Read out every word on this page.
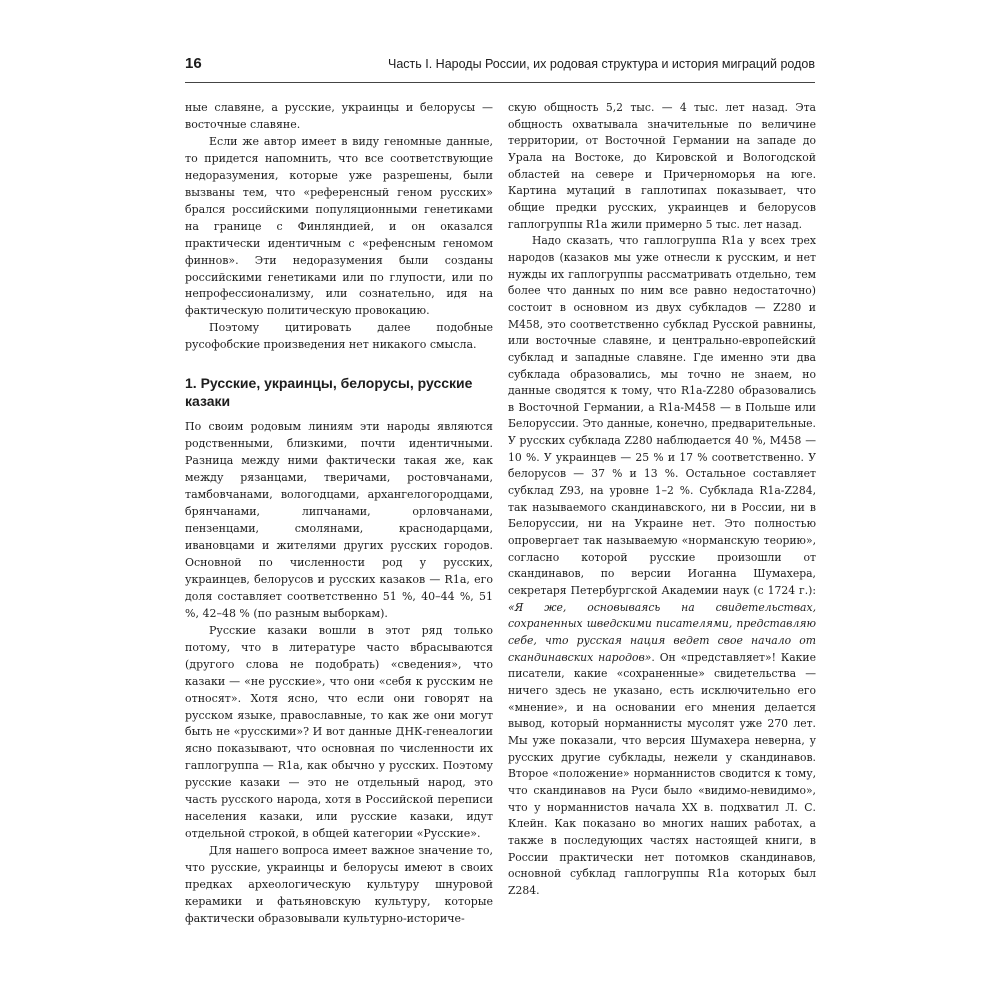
16	Часть I. Народы России, их родовая структура и история миграций родов

ные славяне, а русские, украинцы и белорусы — восточные славяне.

Если же автор имеет в виду геномные данные, то придется напомнить, что все соответствующие недоразумения, которые уже разрешены, были вызваны тем, что «референсный геном русских» брался российскими популяционными генетиками на границе с Финляндией, и он оказался практически идентичным с «рефенсным геномом финнов». Эти недоразумения были созданы российскими генетиками или по глупости, или по непрофессионализму, или сознательно, идя на фактическую политическую провокацию.

Поэтому цитировать далее подобные русофобские произведения нет никакого смысла.

1. Русские, украинцы, белорусы, русские казаки

По своим родовым линиям эти народы являются родственными, близкими, почти идентичными. Разница между ними фактически такая же, как между рязанцами, тверичами, ростовчанами, тамбовчанами, вологодцами, архангелогородцами, брянчанами, липчанами, орловчанами, пензенцами, смолянами, краснодарцами, ивановцами и жителями других русских городов. Основной по численности род у русских, украинцев, белорусов и русских казаков — R1a, его доля составляет соответственно 51 %, 40–44 %, 51 %, 42–48 % (по разным выборкам).

Русские казаки вошли в этот ряд только потому, что в литературе часто вбрасываются (другого слова не подобрать) «сведения», что казаки — «не русские», что они «себя к русским не относят». Хотя ясно, что если они говорят на русском языке, православные, то как же они могут быть не «русскими»? И вот данные ДНК-генеалогии ясно показывают, что основная по численности их гаплогруппа — R1a, как обычно у русских. Поэтому русские казаки — это не отдельный народ, это часть русского народа, хотя в Российской переписи населения казаки, или русские казаки, идут отдельной строкой, в общей категории «Русские».

Для нашего вопроса имеет важное значение то, что русские, украинцы и белорусы имеют в своих предках археологическую культуру шнуровой керамики и фатьяновскую культуру, которые фактически образовывали культурно-историче-

скую общность 5,2 тыс. — 4 тыс. лет назад. Эта общность охватывала значительные по величине территории, от Восточной Германии на западе до Урала на Востоке, до Кировской и Вологодской областей на севере и Причерноморья на юге. Картина мутаций в гаплотипах показывает, что общие предки русских, украинцев и белорусов гаплогруппы R1a жили примерно 5 тыс. лет назад.

Надо сказать, что гаплогруппа R1a у всех трех народов (казаков мы уже отнесли к русским, и нет нужды их гаплогруппы рассматривать отдельно, тем более что данных по ним все равно недостаточно) состоит в основном из двух субкладов — Z280 и M458, это соответственно субклад Русской равнины, или восточные славяне, и центрально-европейский субклад и западные славяне. Где именно эти два субклада образовались, мы точно не знаем, но данные сводятся к тому, что R1a-Z280 образовались в Восточной Германии, а R1a-M458 — в Польше или Белоруссии. Это данные, конечно, предварительные. У русских субклада Z280 наблюдается 40 %, M458 — 10 %. У украинцев — 25 % и 17 % соответственно. У белорусов — 37 % и 13 %. Остальное составляет субклад Z93, на уровне 1–2 %. Субклада R1a-Z284, так называемого скандинавского, ни в России, ни в Белоруссии, ни на Украине нет. Это полностью опровергает так называемую «норманскую теорию», согласно которой русские произошли от скандинавов, по версии Иоганна Шумахера, секретаря Петербургской Академии наук (с 1724 г.): «Я же, основываясь на свидетельствах, сохраненных шведскими писателями, представляю себе, что русская нация ведет свое начало от скандинавских народов». Он «представляет»! Какие писатели, какие «сохраненные» свидетельства — ничего здесь не указано, есть исключительно его «мнение», и на основании его мнения делается вывод, который норманнисты мусолят уже 270 лет. Мы уже показали, что версия Шумахера неверна, у русских другие субклады, нежели у скандинавов. Второе «положение» норманнистов сводится к тому, что скандинавов на Руси было «видимо-невидимо», что у норманнистов начала XX в. подхватил Л. С. Клейн. Как показано во многих наших работах, а также в последующих частях настоящей книги, в России практически нет потомков скандинавов, основной субклад гаплогруппы R1a которых был Z284.
